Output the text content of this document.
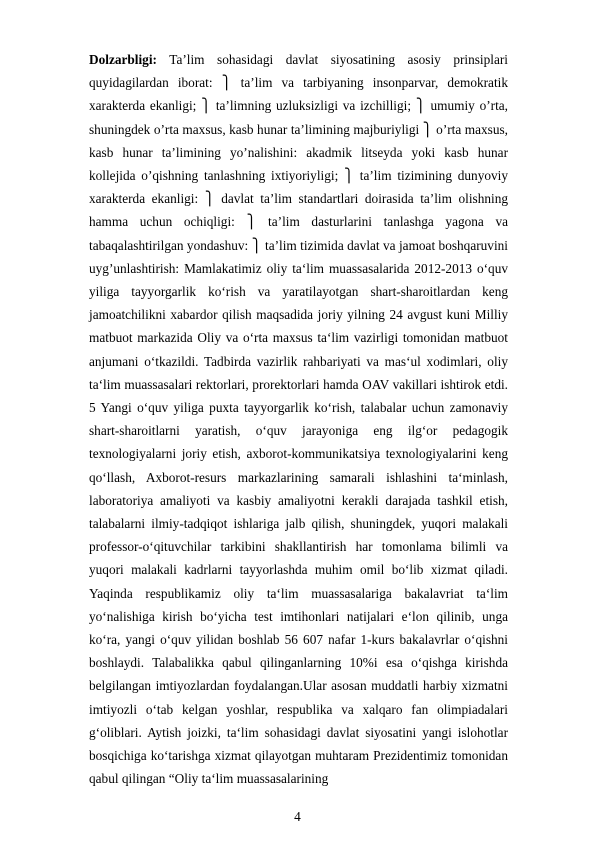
Dolzarbligi: Ta’lim sohasidagi davlat siyosatining asosiy prinsiplari quyidagilardan iborat: ⎫ ta’lim va tarbiyaning insonparvar, demokratik xarakterda ekanligi; ⎫ ta’limning uzluksizligi va izchilligi; ⎫ umumiy o’rta, shuningdek o’rta maxsus, kasb hunar ta’limining majburiyligi ⎫ o’rta maxsus, kasb hunar ta’limining yo’nalishini: akadmik litseyda yoki kasb hunar kollejida o’qishning tanlashning ixtiyoriyligi; ⎫ ta’lim tizimining dunyoviy xarakterda ekanligi: ⎫ davlat ta’lim standartlari doirasida ta’lim olishning hamma uchun ochiqligi: ⎫ ta’lim dasturlarini tanlashga yagona va tabaqalashtirilgan yondashuv: ⎫ ta’lim tizimida davlat va jamoat boshqaruvini uyg’unlashtirish: Mamlakatimiz oliy ta‘lim muassasalarida 2012-2013 o‘quv yiliga tayyorgarlik ko‘rish va yaratilayotgan shart-sharoitlardan keng jamoatchilikni xabardor qilish maqsadida joriy yilning 24 avgust kuni Milliy matbuot markazida Oliy va o‘rta maxsus ta‘lim vazirligi tomonidan matbuot anjumani o‘tkazildi. Tadbirda vazirlik rahbariyati va mas‘ul xodimlari, oliy ta‘lim muassasalari rektorlari, prorektorlari hamda OAV vakillari ishtirok etdi. 5 Yangi o‘quv yiliga puxta tayyorgarlik ko‘rish, talabalar uchun zamonaviy shart-sharoitlarni yaratish, o‘quv jarayoniga eng ilg‘or pedagogik texnologiyalarni joriy etish, axborot-kommunikatsiya texnologiyalarini keng qo‘llash, Axborot-resurs markazlarining samarali ishlashini ta‘minlash, laboratoriya amaliyoti va kasbiy amaliyotni kerakli darajada tashkil etish, talabalarni ilmiy-tadqiqot ishlariga jalb qilish, shuningdek, yuqori malakali professor-o‘qituvchilar tarkibini shakllantirish har tomonlama bilimli va yuqori malakali kadrlarni tayyorlashda muhim omil bo‘lib xizmat qiladi. Yaqinda respublikamiz oliy ta‘lim muassasalariga bakalavriat ta‘lim yo‘nalishiga kirish bo‘yicha test imtihonlari natijalari e‘lon qilinib, unga ko‘ra, yangi o‘quv yilidan boshlab 56 607 nafar 1-kurs bakalavrlar o‘qishni boshlaydi. Talabalikka qabul qilinganlarning 10%i esa o‘qishga kirishda belgilangan imtiyozlardan foydalangan.Ular asosan muddatli harbiy xizmatni imtiyozli o‘tab kelgan yoshlar, respublika va xalqaro fan olimpiadalari g‘oliblari. Aytish joizki, ta‘lim sohasidagi davlat siyosatini yangi islohotlar bosqichiga ko‘tarishga xizmat qilayotgan muhtaram Prezidentimiz tomonidan qabul qilingan “Oliy ta‘lim muassasalarining

4
